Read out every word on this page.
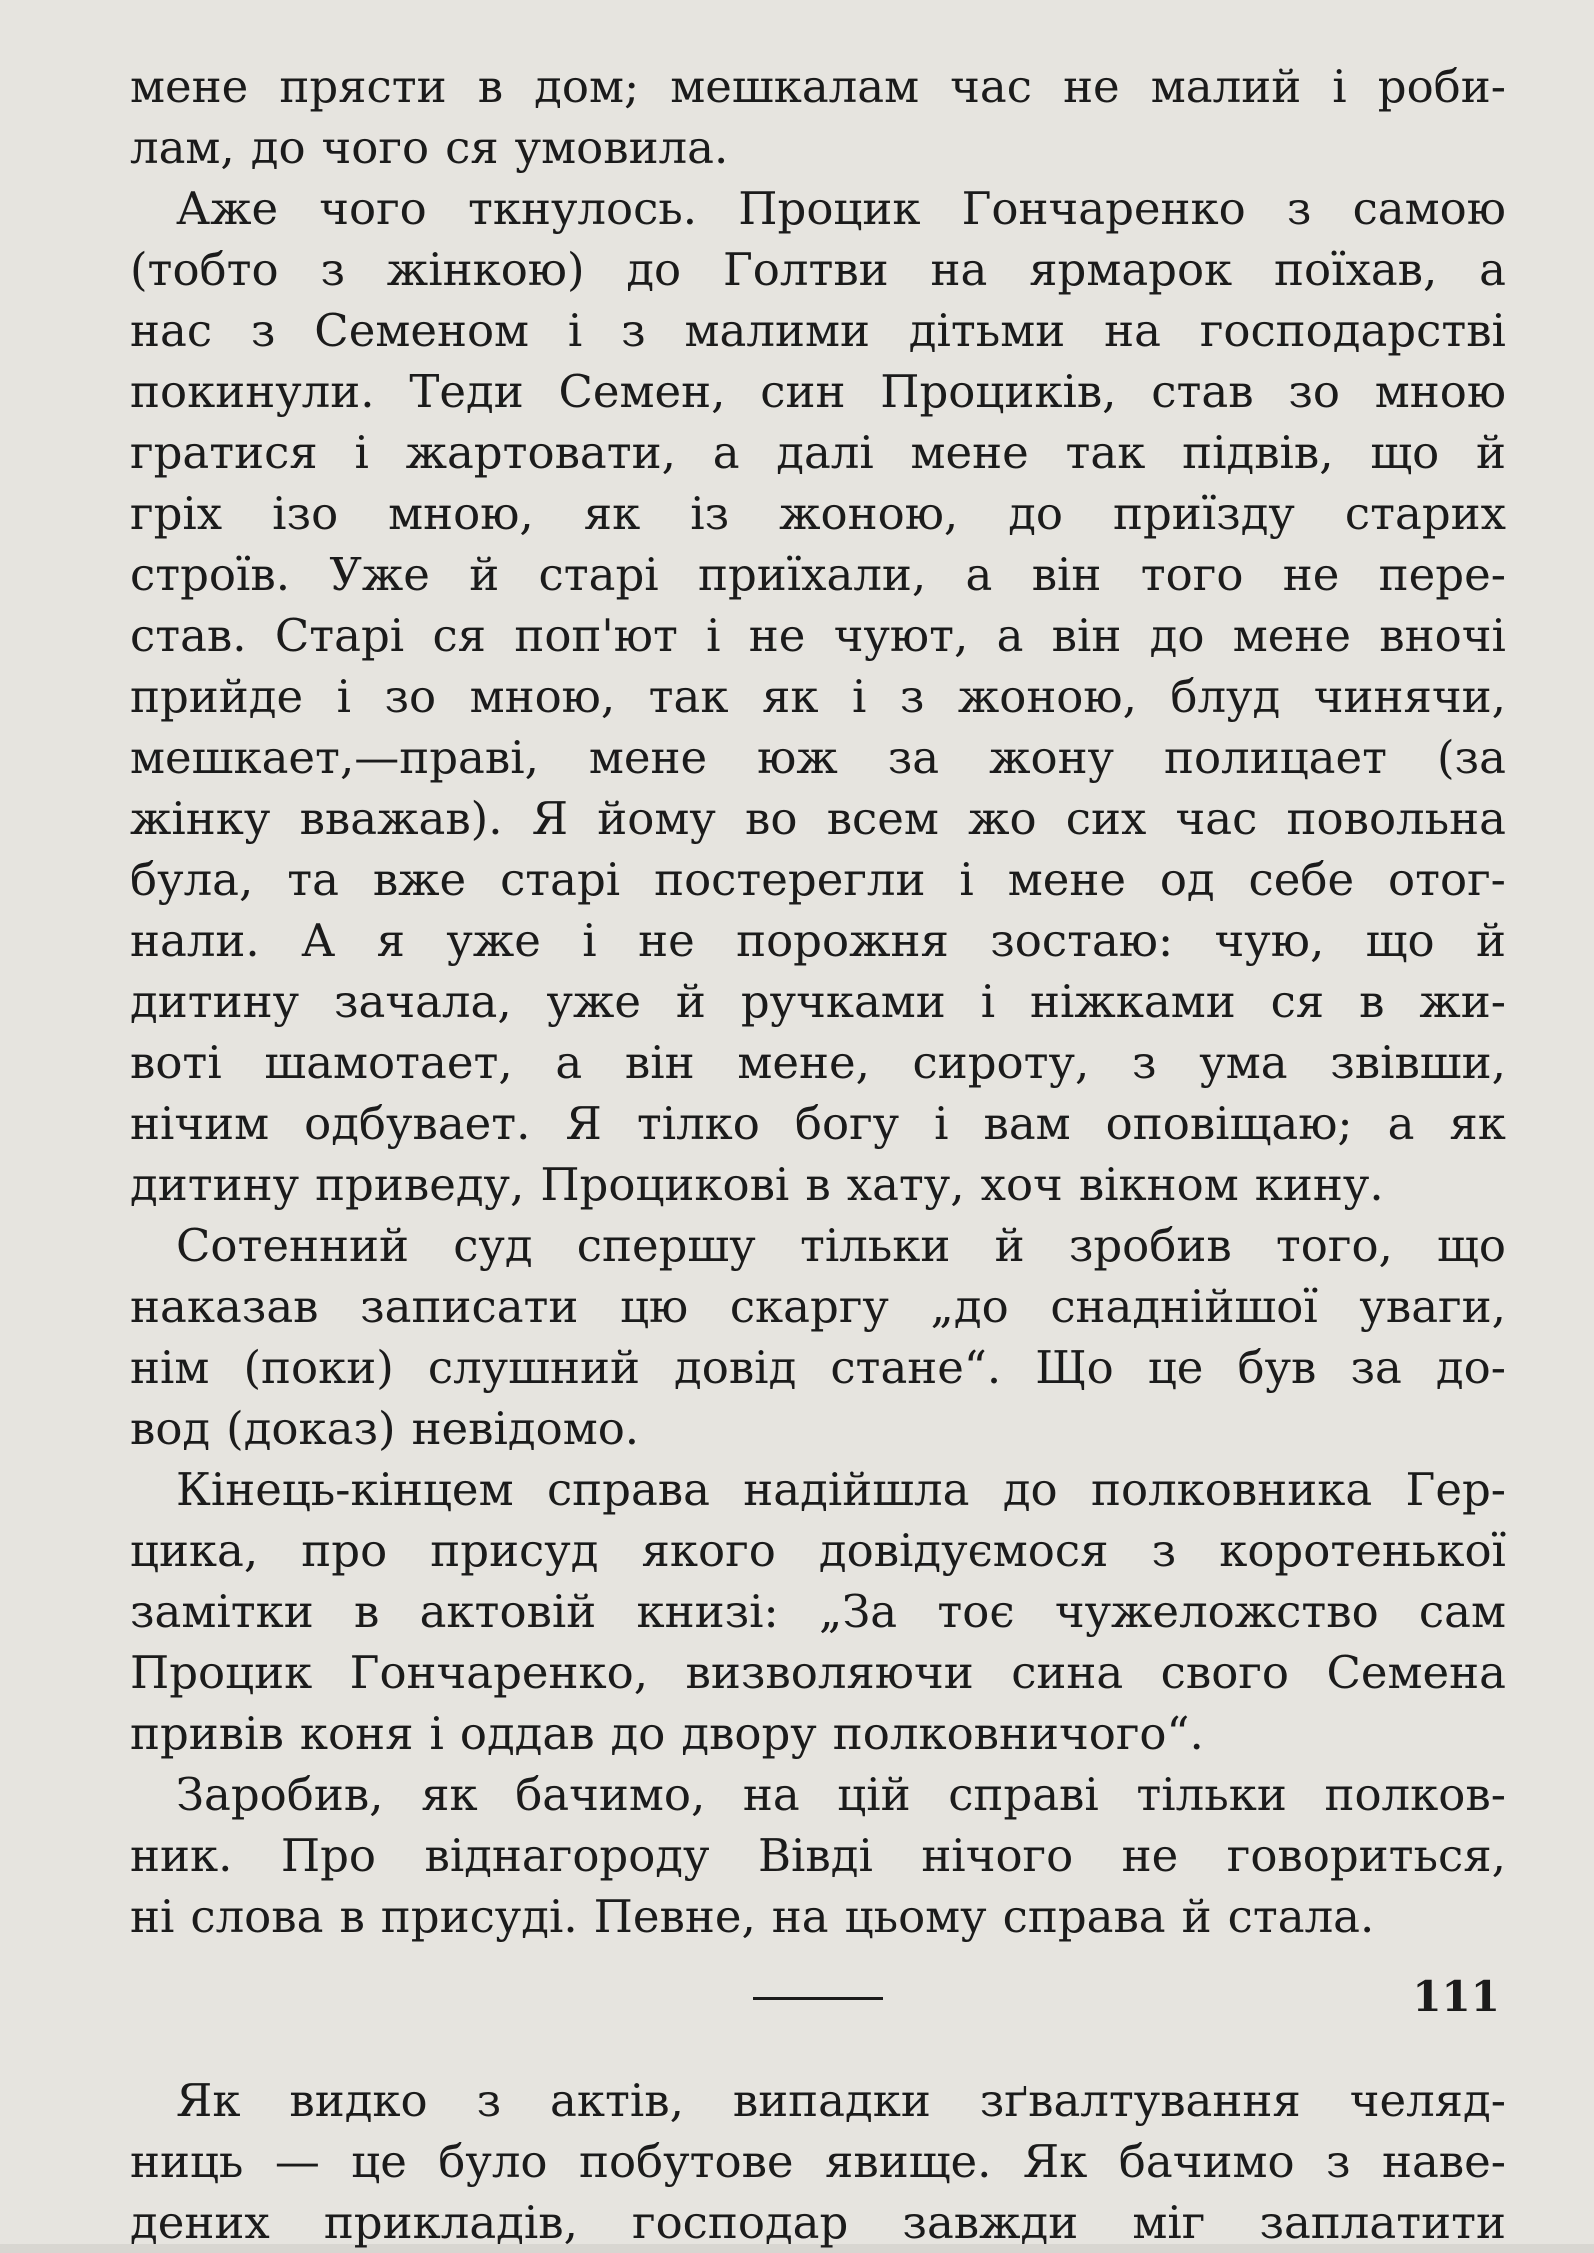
мене прясти в дом; мешкалам час не малий і роби-
лам, до чого ся умовила.
Аже чого ткнулось. Процик Гончаренко з самою
(тобто з жінкою) до Голтви на ярмарок поїхав, а
нас з Семеном і з малими дітьми на господарстві
покинули. Теди Семен, син Проциків, став зо мною
гратися і жартовати, а далі мене так підвів, що й
гріх ізо мною, як із жоною, до приїзду старих
строїв. Уже й старі приїхали, а він того не пере-
став. Старі ся поп'ют і не чуют, а він до мене вночі
прийде і зо мною, так як і з жоною, блуд чинячи,
мешкает,—праві, мене юж за жону полицает (за
жінку вважав). Я йому во всем жо сих час повольна
була, та вже старі постерегли і мене од себе отог-
нали. А я уже і не порожня зостаю: чую, що й
дитину зачала, уже й ручками і ніжками ся в жи-
воті шамотает, а він мене, сироту, з ума звівши,
нічим одбувает. Я тілко богу і вам оповіщаю; а як
дитину приведу, Процикові в хату, хоч вікном кину.
Сотенний суд спершу тільки й зробив того, що
наказав записати цю скаргу „до снаднійшої уваги,
нім (поки) слушний довід стане“. Що це був за до-
вод (доказ) невідомо.
Кінець-кінцем справа надійшла до полковника Гер-
цика, про присуд якого довідуємося з коротенької
замітки в актовій книзі: „За тоє чужеложство сам
Процик Гончаренко, визволяючи сина свого Семена
привів коня і оддав до двору полковничого“.
Заробив, як бачимо, на цій справі тільки полков-
ник. Про віднагороду Вівді нічого не говориться,
ні слова в присуді. Певне, на цьому справа й стала.
Як видко з актів, випадки зґвалтування челяд-
ниць — це було побутове явище. Як бачимо з наве-
дених прикладів, господар завжди міг заплатити
111
